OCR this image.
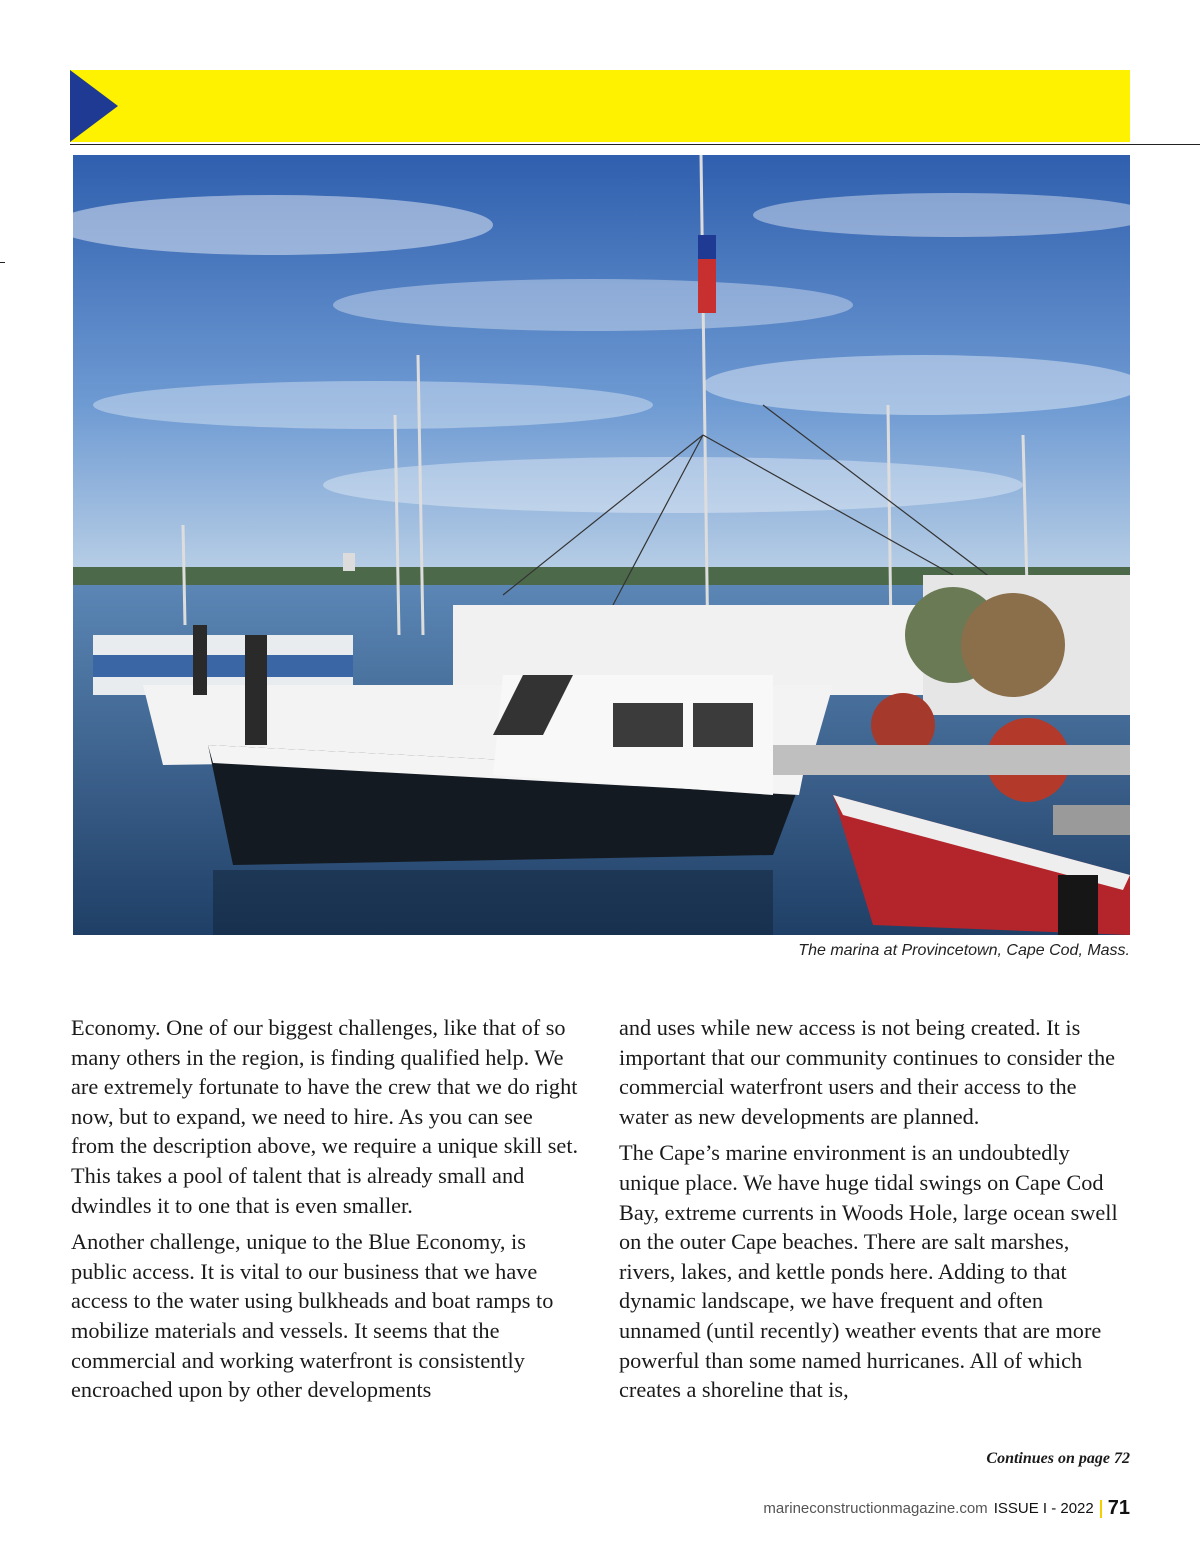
The marina at Provincetown, Cape Cod, Mass.

Economy. One of our biggest challenges, like that of so many others in the region, is finding qualified help. We are extremely fortunate to have the crew that we do right now, but to expand, we need to hire. As you can see from the description above, we require a unique skill set. This takes a pool of talent that is already small and dwindles it to one that is even smaller.

Another challenge, unique to the Blue Economy, is public access. It is vital to our business that we have access to the water using bulkheads and boat ramps to mobilize materials and vessels. It seems that the commercial and working waterfront is consistently encroached upon by other developments

and uses while new access is not being created. It is important that our community continues to consider the commercial waterfront users and their access to the water as new developments are planned.

The Cape’s marine environment is an undoubtedly unique place. We have huge tidal swings on Cape Cod Bay, extreme currents in Woods Hole, large ocean swell on the outer Cape beaches. There are salt marshes, rivers, lakes, and kettle ponds here. Adding to that dynamic landscape, we have frequent and often unnamed (until recently) weather events that are more powerful than some named hurricanes. All of which creates a shoreline that is,

Continues on page 72
marineconstructionmagazine.com ISSUE I - 2022 71
